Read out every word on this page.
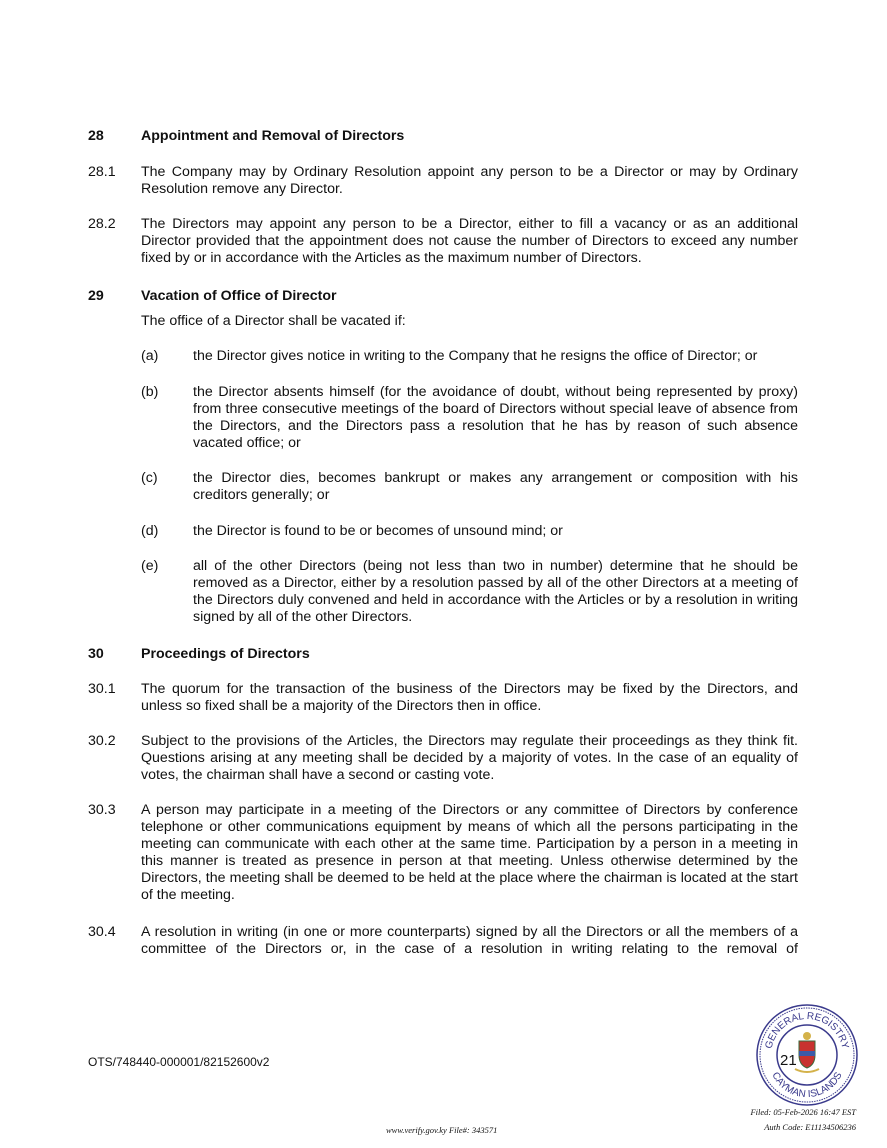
28	Appointment and Removal of Directors
28.1 The Company may by Ordinary Resolution appoint any person to be a Director or may by Ordinary Resolution remove any Director.
28.2 The Directors may appoint any person to be a Director, either to fill a vacancy or as an additional Director provided that the appointment does not cause the number of Directors to exceed any number fixed by or in accordance with the Articles as the maximum number of Directors.
29	Vacation of Office of Director
The office of a Director shall be vacated if:
(a) the Director gives notice in writing to the Company that he resigns the office of Director; or
(b) the Director absents himself (for the avoidance of doubt, without being represented by proxy) from three consecutive meetings of the board of Directors without special leave of absence from the Directors, and the Directors pass a resolution that he has by reason of such absence vacated office; or
(c) the Director dies, becomes bankrupt or makes any arrangement or composition with his creditors generally; or
(d) the Director is found to be or becomes of unsound mind; or
(e) all of the other Directors (being not less than two in number) determine that he should be removed as a Director, either by a resolution passed by all of the other Directors at a meeting of the Directors duly convened and held in accordance with the Articles or by a resolution in writing signed by all of the other Directors.
30	Proceedings of Directors
30.1 The quorum for the transaction of the business of the Directors may be fixed by the Directors, and unless so fixed shall be a majority of the Directors then in office.
30.2 Subject to the provisions of the Articles, the Directors may regulate their proceedings as they think fit. Questions arising at any meeting shall be decided by a majority of votes. In the case of an equality of votes, the chairman shall have a second or casting vote.
30.3 A person may participate in a meeting of the Directors or any committee of Directors by conference telephone or other communications equipment by means of which all the persons participating in the meeting can communicate with each other at the same time. Participation by a person in a meeting in this manner is treated as presence in person at that meeting. Unless otherwise determined by the Directors, the meeting shall be deemed to be held at the place where the chairman is located at the start of the meeting.
30.4 A resolution in writing (in one or more counterparts) signed by all the Directors or all the members of a committee of the Directors or, in the case of a resolution in writing relating to the removal of
OTS/748440-000001/82152600v2
GENERAL REGISTRY
CAYMAN ISLANDS
21
Filed: 05-Feb-2026 16:47 EST
Auth Code: E11134506236
www.verify.gov.ky File#: 343571
